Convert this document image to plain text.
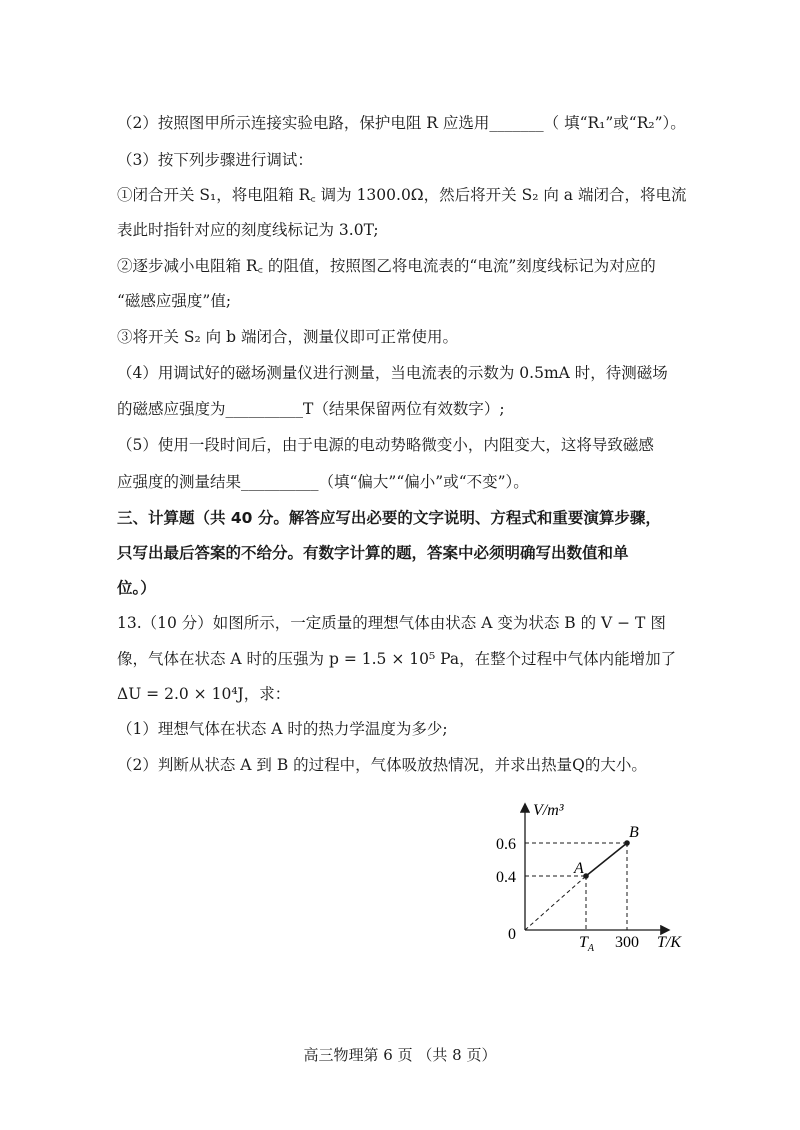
（2）按照图甲所示连接实验电路，保护电阻 R 应选用_______（ 填“R₁”或“R₂”）。
（3）按下列步骤进行调试：
①闭合开关 S₁，将电阻箱 R꜀ 调为 1300.0Ω，然后将开关 S₂ 向 a 端闭合，将电流
表此时指针对应的刻度线标记为 3.0T;
②逐步减小电阻箱 R꜀ 的阻值，按照图乙将电流表的“电流”刻度线标记为对应的
“磁感应强度”值;
③将开关 S₂ 向 b 端闭合，测量仪即可正常使用。
（4）用调试好的磁场测量仪进行测量，当电流表的示数为 0.5mA 时，待测磁场
的磁感应强度为__________T（结果保留两位有效数字）;
（5）使用一段时间后，由于电源的电动势略微变小，内阻变大，这将导致磁感
应强度的测量结果__________（填“偏大”“偏小”或“不变”）。
三、计算题（共 40 分。解答应写出必要的文字说明、方程式和重要演算步骤，
只写出最后答案的不给分。有数字计算的题，答案中必须明确写出数值和单
位。）
13.（10 分）如图所示，一定质量的理想气体由状态 A 变为状态 B 的 V − T 图
像，气体在状态 A 时的压强为 p = 1.5 × 10⁵ Pa，在整个过程中气体内能增加了
ΔU = 2.0 × 10⁴J，求：
（1）理想气体在状态 A 时的热力学温度为多少;
（2）判断从状态 A 到 B 的过程中，气体吸放热情况，并求出热量Q的大小。
V/m³
T/K
0
0.6
0.4
$T_A$ 300
A
B
高三物理第 6 页 （共 8 页）
